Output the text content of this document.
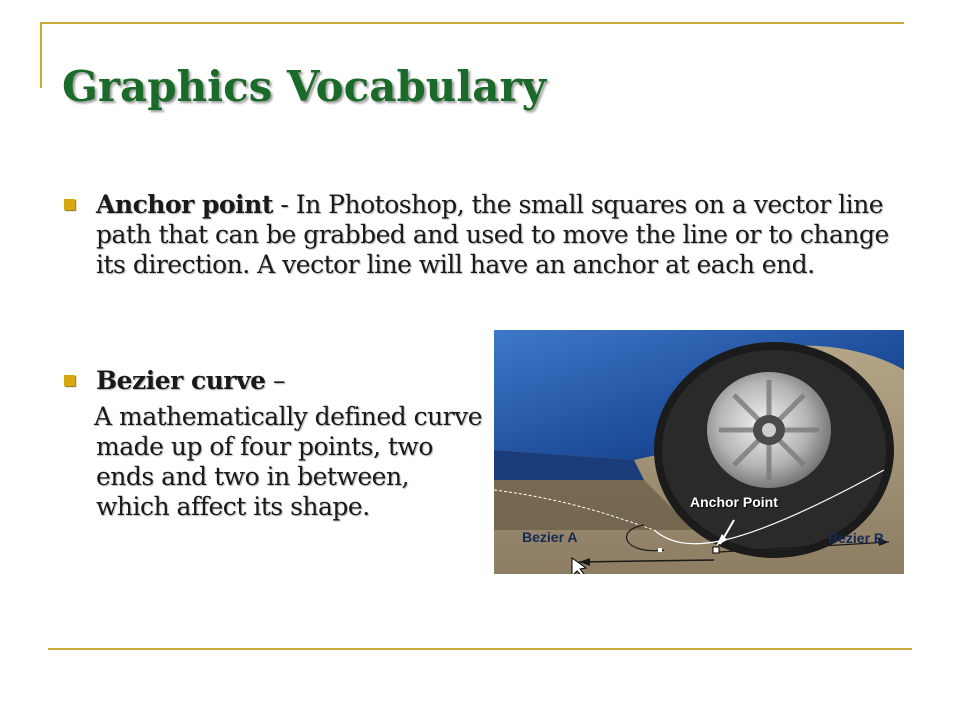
Graphics Vocabulary
Anchor point - In Photoshop, the small squares on a vector line path that can be grabbed and used to move the line or to change its direction. A vector line will have an anchor at each end.
Bezier curve –
A mathematically defined curve made up of four points, two ends and two in between, which affect its shape.	Anchor Point
Bezier A	Bezier B
